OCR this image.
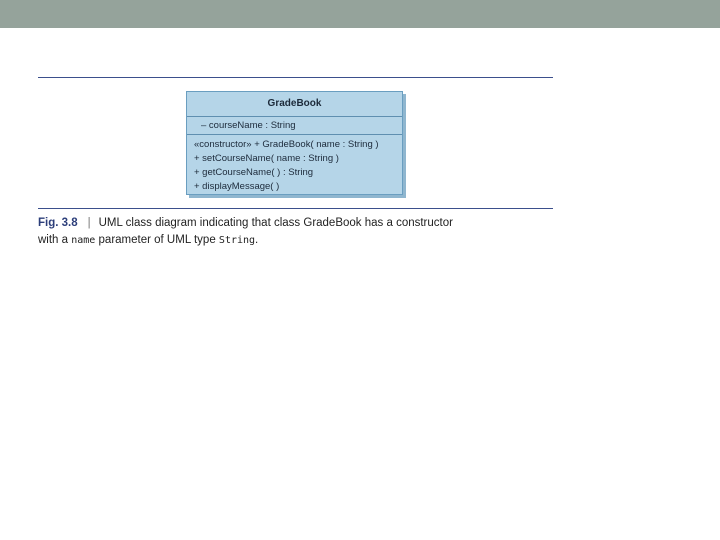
GradeBook
– courseName : String
«constructor» + GradeBook( name : String )
+ setCourseName( name : String )
+ getCourseName( ) : String
+ displayMessage( )
Fig. 3.8 | UML class diagram indicating that class GradeBook has a constructor
with a name parameter of UML type String.
